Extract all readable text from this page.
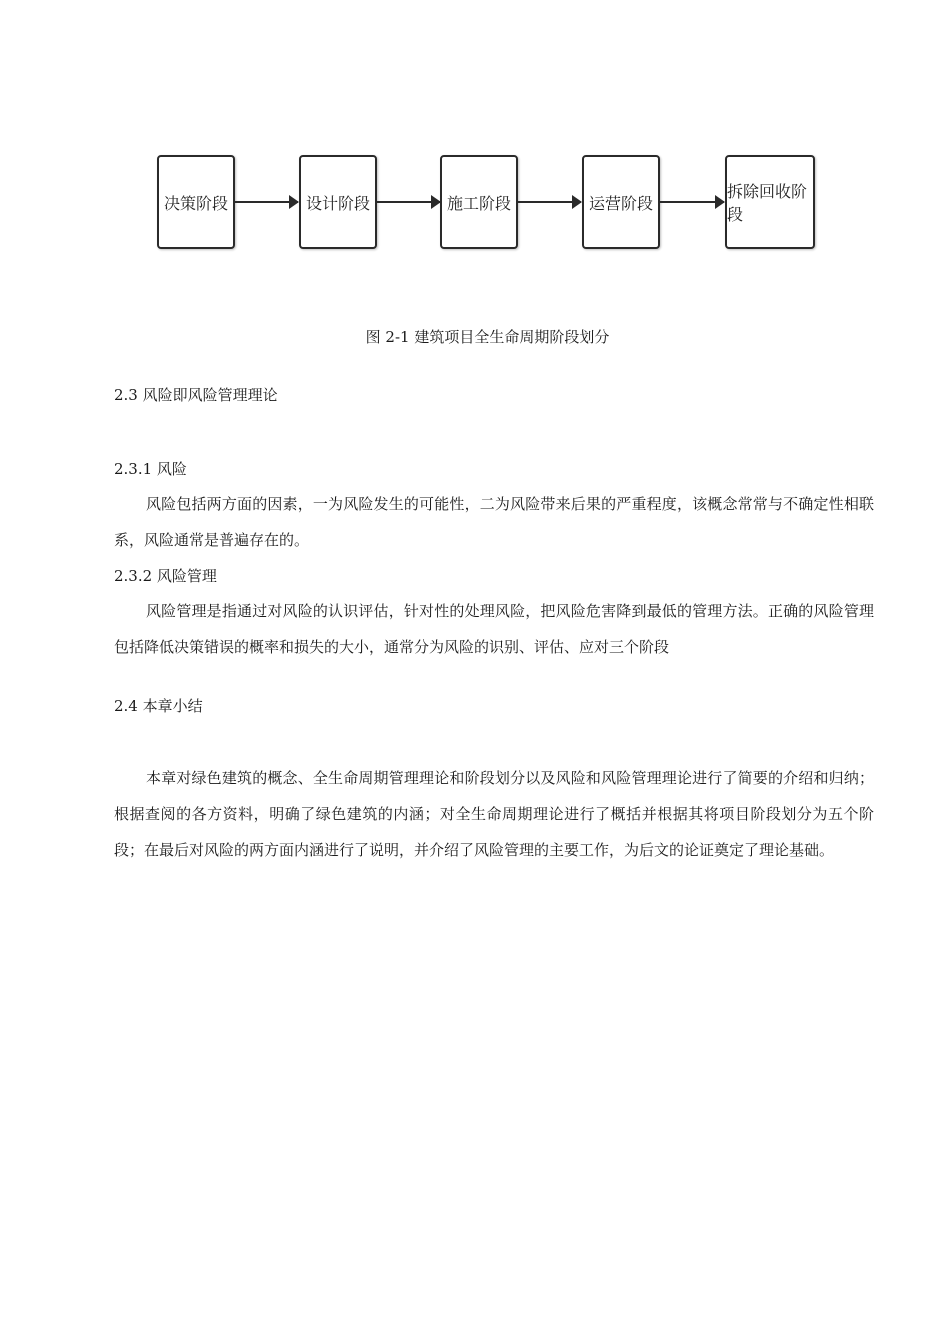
决策阶段	设计阶段	施工阶段	运营阶段
拆除回收阶段
图 2-1 建筑项目全生命周期阶段划分
2.3 风险即风险管理理论
2.3.1 风险

风险包括两方面的因素，一为风险发生的可能性，二为风险带来后果的严重程度，该概念常常与不确定性相联系，风险通常是普遍存在的。

2.3.2 风险管理

风险管理是指通过对风险的认识评估，针对性的处理风险，把风险危害降到最低的管理方法。正确的风险管理包括降低决策错误的概率和损失的大小，通常分为风险的识别、评估、应对三个阶段

2.4 本章小结

本章对绿色建筑的概念、全生命周期管理理论和阶段划分以及风险和风险管理理论进行了简要的介绍和归纳；根据查阅的各方资料，明确了绿色建筑的内涵；对全生命周期理论进行了概括并根据其将项目阶段划分为五个阶段；在最后对风险的两方面内涵进行了说明，并介绍了风险管理的主要工作，为后文的论证奠定了理论基础。
